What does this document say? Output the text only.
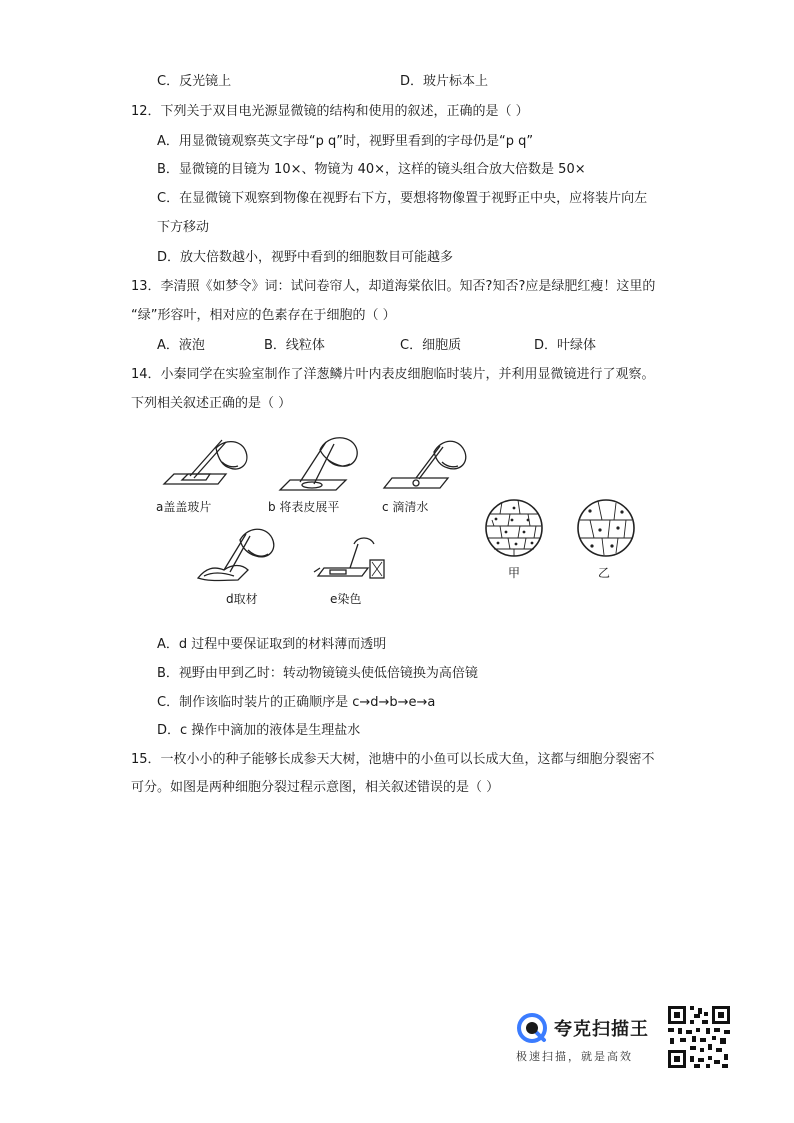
C．反光镜上	D．玻片标本上
12．下列关于双目电光源显微镜的结构和使用的叙述，正确的是（ ）
A．用显微镜观察英文字母“p q”时，视野里看到的字母仍是“p q”
B．显微镜的目镜为 10×、物镜为 40×，这样的镜头组合放大倍数是 50×
C．在显微镜下观察到物像在视野右下方，要想将物像置于视野正中央，应将装片向左
下方移动
D．放大倍数越小，视野中看到的细胞数目可能越多
13．李清照《如梦令》词：试问卷帘人，却道海棠依旧。知否?知否?应是绿肥红瘦！这里的
“绿”形容叶，相对应的色素存在于细胞的（ ）
A．液泡	B．线粒体	C．细胞质	D．叶绿体
14．小秦同学在实验室制作了洋葱鳞片叶内表皮细胞临时装片，并利用显微镜进行了观察。
下列相关叙述正确的是（ ）
a盖盖玻片	b 将表皮展平	c 滴清水
d取材	e染色
甲	乙
A．d 过程中要保证取到的材料薄而透明
B．视野由甲到乙时：转动物镜镜头使低倍镜换为高倍镜
C．制作该临时装片的正确顺序是 c→d→b→e→a
D．c 操作中滴加的液体是生理盐水
15．一枚小小的种子能够长成参天大树，池塘中的小鱼可以长成大鱼，这都与细胞分裂密不
可分。如图是两种细胞分裂过程示意图，相关叙述错误的是（ ）
夸克扫描王
极速扫描，就是高效
